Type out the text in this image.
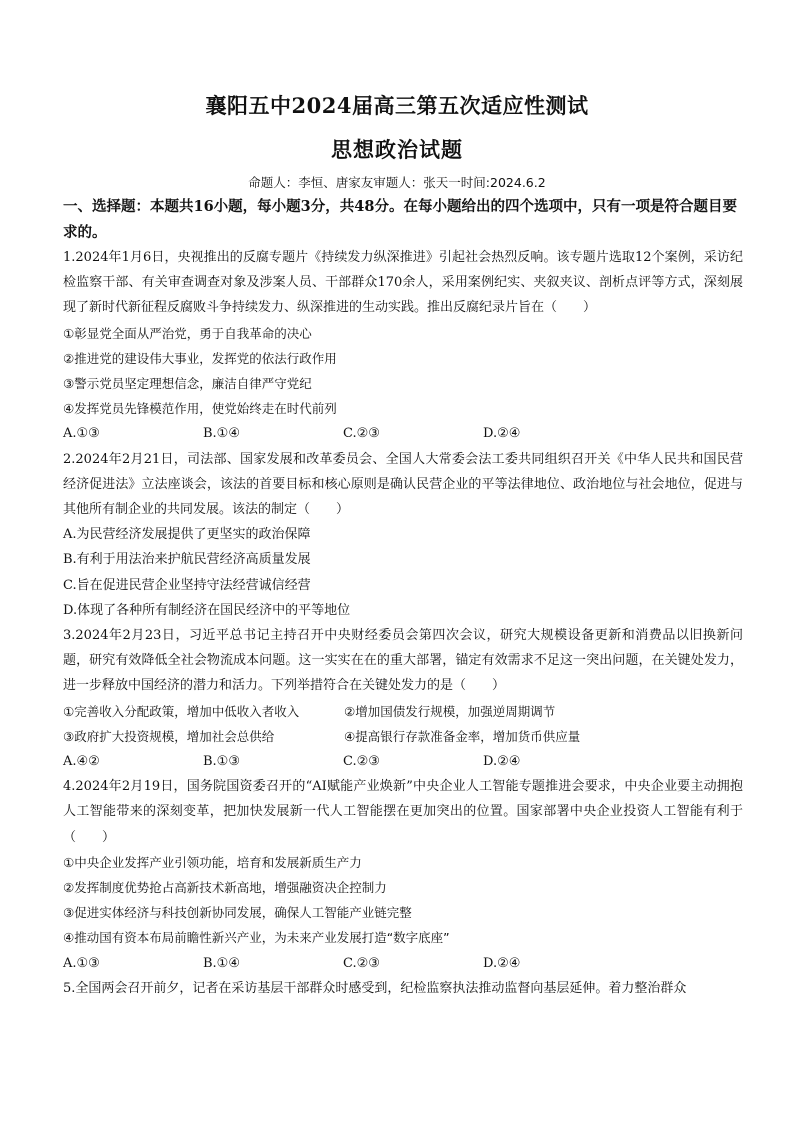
襄阳五中2024届高三第五次适应性测试
思想政治试题
命题人：李恒、唐家友审题人：张天一时间:2024.6.2

一、选择题：本题共16小题，每小题3分，共48分。在每小题给出的四个选项中，只有一项是符合题目要求的。

1.2024年1月6日，央视推出的反腐专题片《持续发力纵深推进》引起社会热烈反响。该专题片选取12个案例，采访纪检监察干部、有关审查调查对象及涉案人员、干部群众170余人，采用案例纪实、夹叙夹议、剖析点评等方式，深刻展现了新时代新征程反腐败斗争持续发力、纵深推进的生动实践。推出反腐纪录片旨在（　　）

①彰显党全面从严治党，勇于自我革命的决心

②推进党的建设伟大事业，发挥党的依法行政作用

③警示党员坚定理想信念，廉洁自律严守党纪

④发挥党员先锋模范作用，使党始终走在时代前列

A.①③	B.①④	C.②③	D.②④

2.2024年2月21日，司法部、国家发展和改革委员会、全国人大常委会法工委共同组织召开关《中华人民共和国民营经济促进法》立法座谈会，该法的首要目标和核心原则是确认民营企业的平等法律地位、政治地位与社会地位，促进与其他所有制企业的共同发展。该法的制定（　　）

A.为民营经济发展提供了更坚实的政治保障

B.有利于用法治来护航民营经济高质量发展

C.旨在促进民营企业坚持守法经营诚信经营

D.体现了各种所有制经济在国民经济中的平等地位

3.2024年2月23日，习近平总书记主持召开中央财经委员会第四次会议，研究大规模设备更新和消费品以旧换新问题，研究有效降低全社会物流成本问题。这一实实在在的重大部署，锚定有效需求不足这一突出问题，在关键处发力，进一步释放中国经济的潜力和活力。下列举措符合在关键处发力的是（　　）

①完善收入分配政策，增加中低收入者收入	②增加国债发行规模，加强逆周期调节
③政府扩大投资规模，增加社会总供给	④提高银行存款准备金率，增加货币供应量
A.④②	B.①③	C.②③	D.②④

4.2024年2月19日，国务院国资委召开的“AI赋能产业焕新”中央企业人工智能专题推进会要求，中央企业要主动拥抱人工智能带来的深刻变革，把加快发展新一代人工智能摆在更加突出的位置。国家部署中央企业投资人工智能有利于（　　）

①中央企业发挥产业引领功能，培育和发展新质生产力

②发挥制度优势抢占高新技术新高地，增强融资决企控制力

③促进实体经济与科技创新协同发展，确保人工智能产业链完整

④推动国有资本布局前瞻性新兴产业，为未来产业发展打造“数字底座”

A.①③	B.①④	C.②③	D.②④

5.全国两会召开前夕，记者在采访基层干部群众时感受到，纪检监察执法推动监督向基层延伸。着力整治群众
